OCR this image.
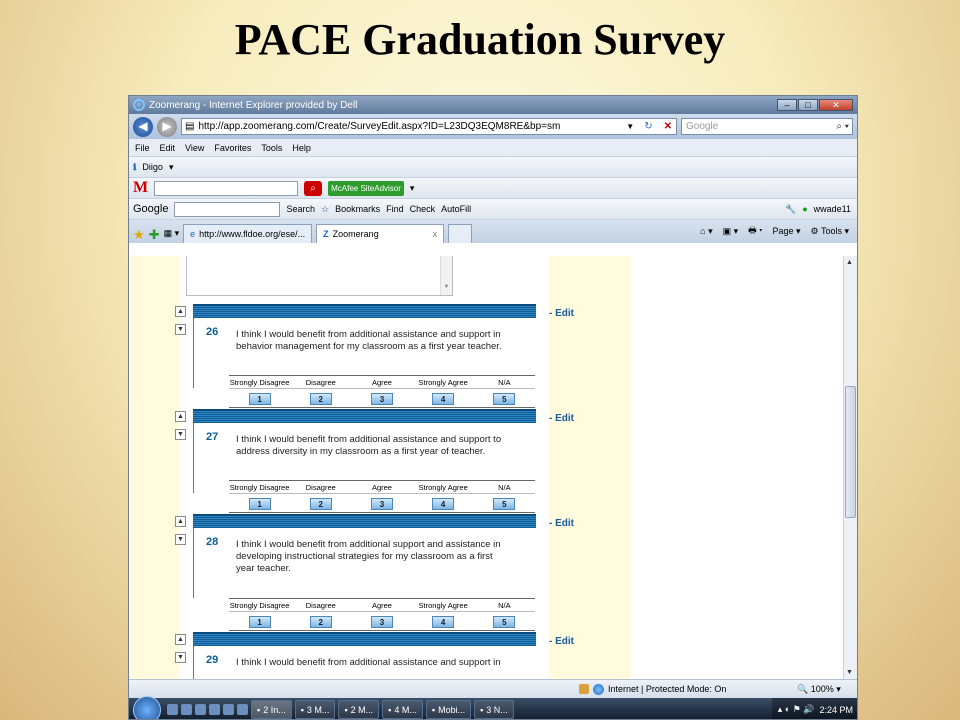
PACE Graduation Survey
e Zoomerang - Internet Explorer provided by Dell	–	□	✕
◀	▶	▤ http://app.zoomerang.com/Create/SurveyEdit.aspx?ID=L23DQ3EQM8RE&bp=sm	▼	↻	✕	Google	⌕ ▾
File Edit View Favorites Tools Help
ℹ Diigo ▾
M	⌕	McAfee SiteAdvisor	▾
Google	Search ☆ Bookmarks Find Check AutoFill	🔧 ● wwade11
★ ✚ ▦ ▾ e http://www.fldoe.org/ese/... Z Zoomerang	x	⌂ ▾ ▣ ▾ 🖶 ▾ Page ▾ ⚙ Tools ▾
▼
▲
▼
- Edit
26 I think I would benefit from additional assistance and support in behavior management for my classroom as a first year teacher.
Strongly Disagree	Disagree	Agree	Strongly Agree	N/A
1	2	3	4	5
▲
▼
- Edit
27 I think I would benefit from additional assistance and support to address diversity in my classroom as a first year of teacher.
Strongly Disagree	Disagree	Agree	Strongly Agree	N/A
1	2	3	4	5
▲
▼
- Edit
28 I think I would benefit from additional support and assistance in developing instructional strategies for my classroom as a first year teacher.
Strongly Disagree	Disagree	Agree	Strongly Agree	N/A
1	2	3	4	5
▲
▼
- Edit
29 I think I would benefit from additional assistance and support in
▲
▼
Internet | Protected Mode: On	🔍 100% ▾
▪ 2 In... ▪ 3 M... ▪ 2 M... ▪ 4 M... ▪ Mobi... ▪ 3 N...	▴ ◐ ⚑ 🔊 2:24 PM
